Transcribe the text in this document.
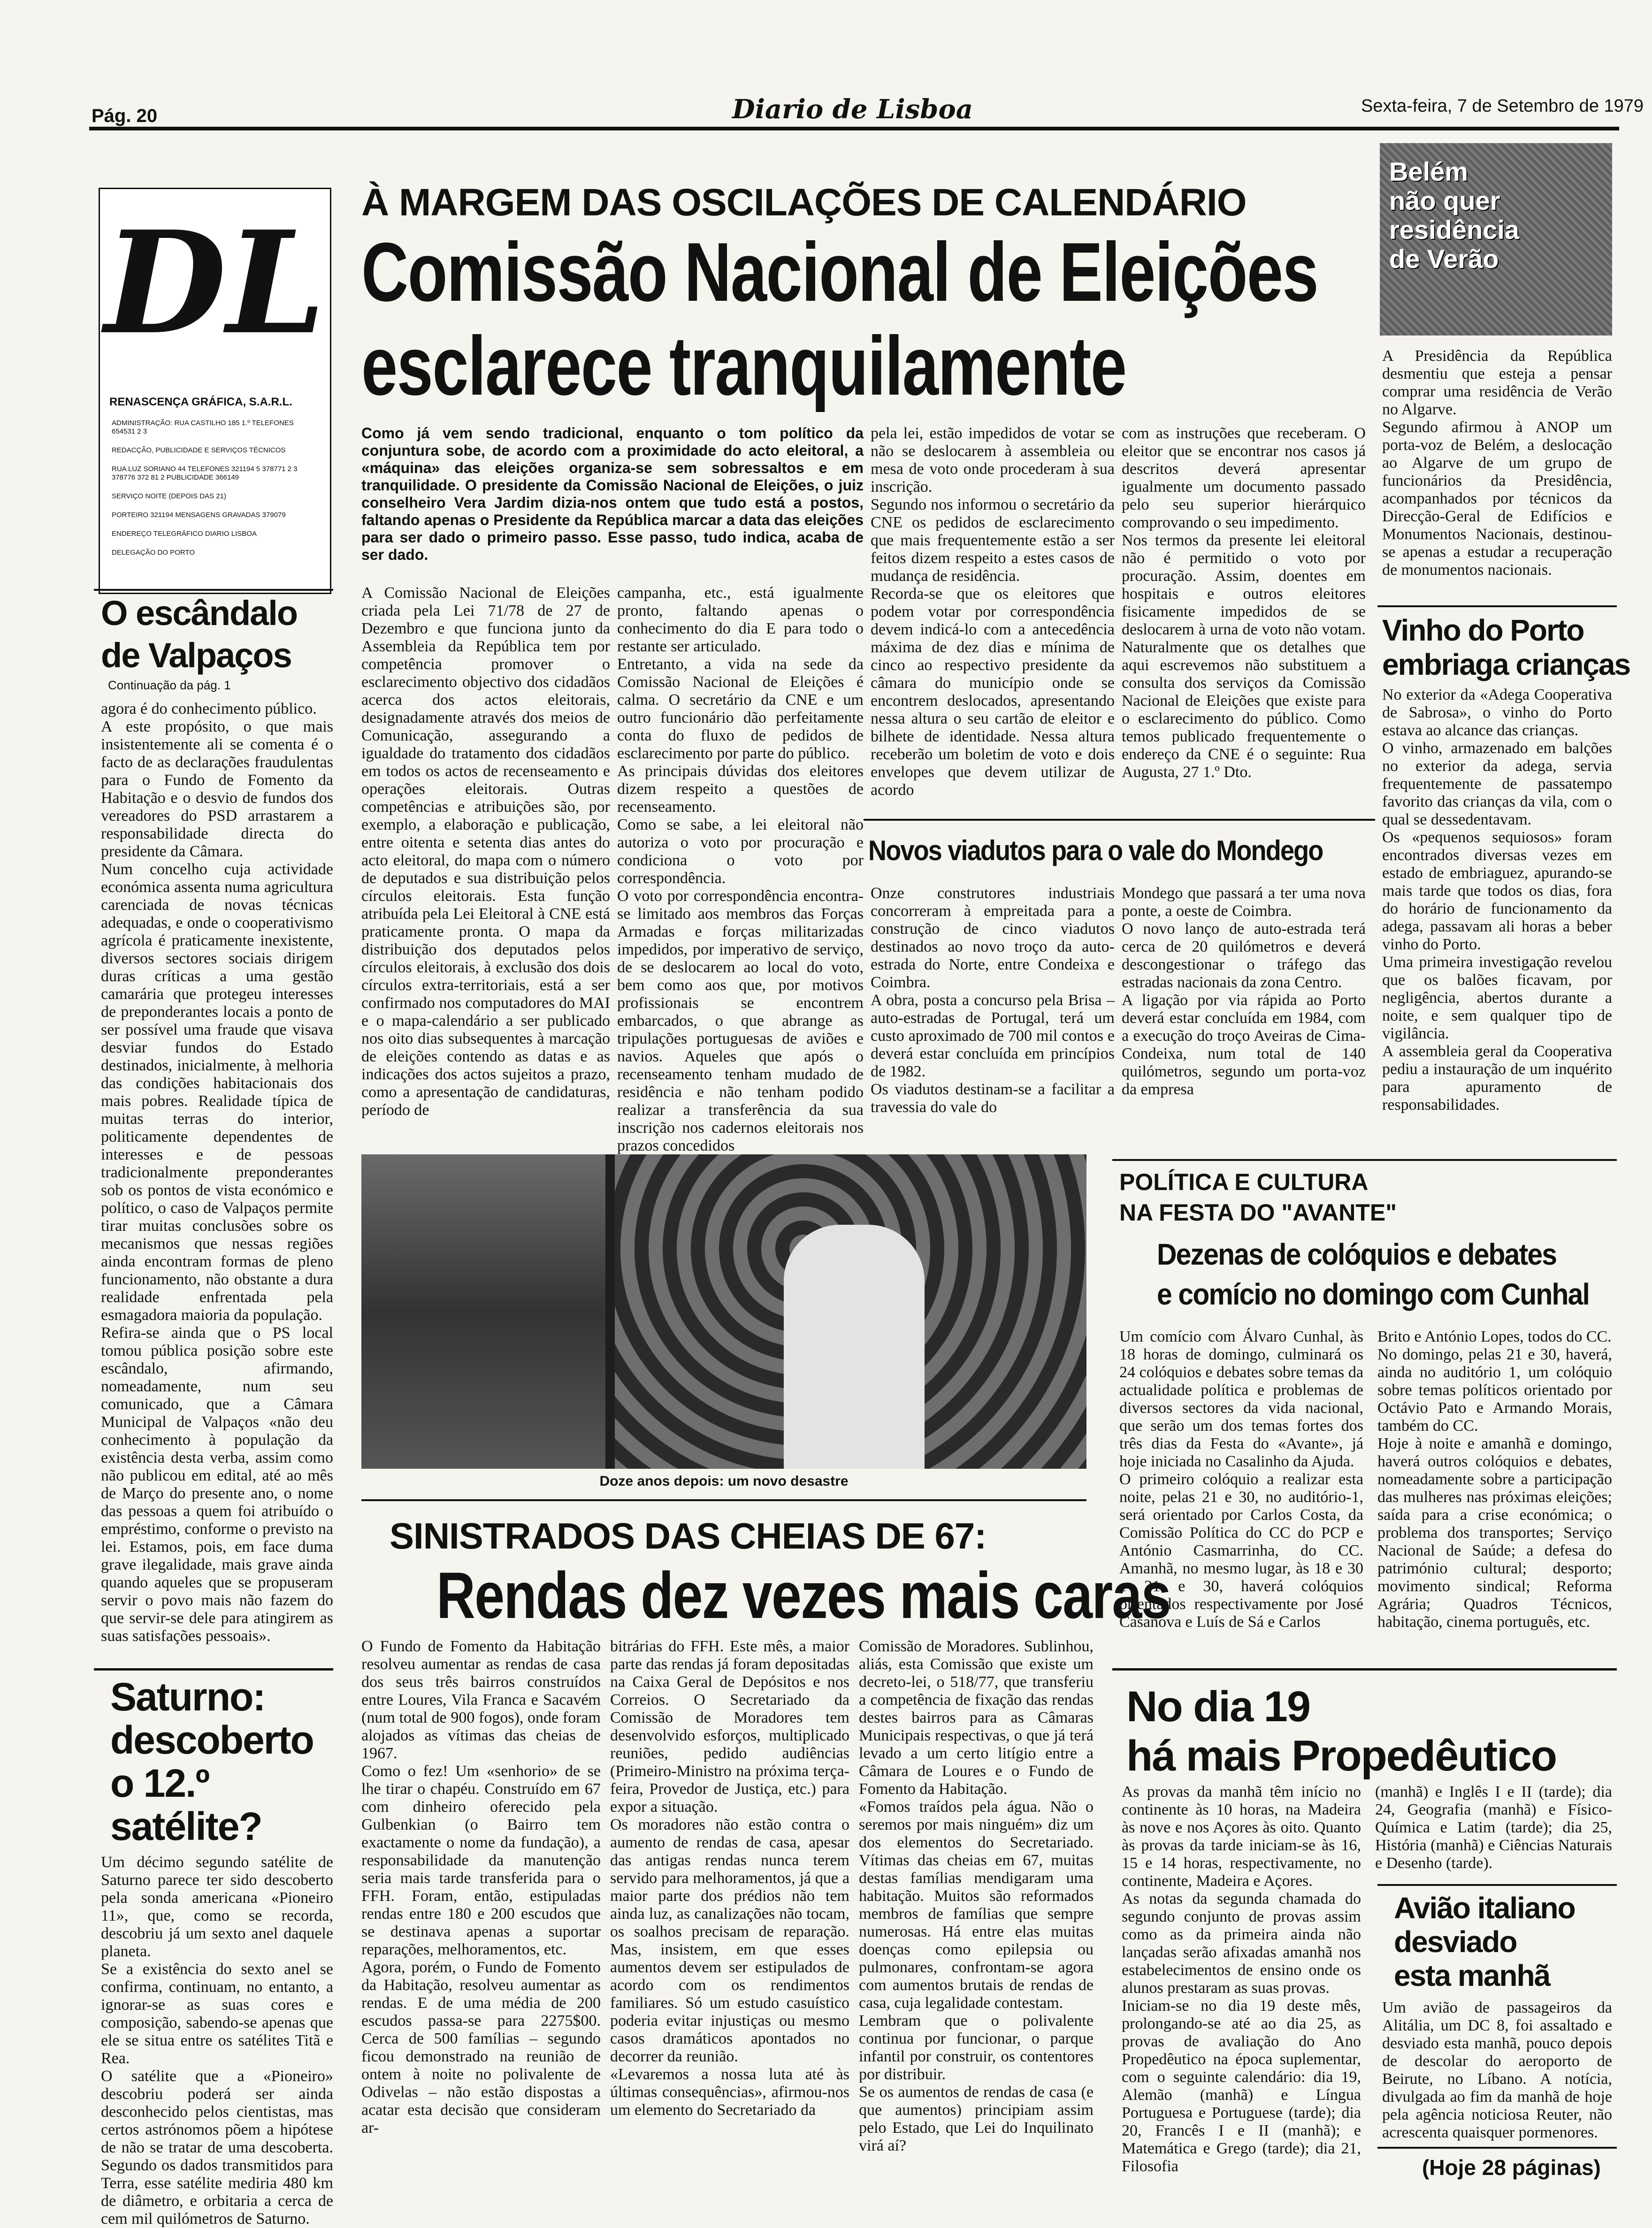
Pág. 20	Diario de Lisboa	Sexta-feira, 7 de Setembro de 1979
DL
RENASCENÇA GRÁFICA, S.A.R.L.
ADMINISTRAÇÃO: RUA CASTILHO 185 1.º TELEFONES 654531 2 3
REDACÇÃO, PUBLICIDADE E SERVIÇOS TÉCNICOS
RUA LUZ SORIANO 44 TELEFONES 321194 5 378771 2 3 378776 372 81 2 PUBLICIDADE 366149
SERVIÇO NOITE (DEPOIS DAS 21)
PORTEIRO 321194 MENSAGENS GRAVADAS 379079
ENDEREÇO TELEGRÁFICO DIARIO LISBOA
DELEGAÇÃO DO PORTO
À MARGEM DAS OSCILAÇÕES DE CALENDÁRIO
Comissão Nacional de Eleições
esclarece tranquilamente
Como já vem sendo tradicional, enquanto o tom político da conjuntura sobe, de acordo com a proximidade do acto eleitoral, a «máquina» das eleições organiza-se sem sobressaltos e em tranquilidade. O presidente da Comissão Nacional de Eleições, o juiz conselheiro Vera Jardim dizia-nos ontem que tudo está a postos, faltando apenas o Presidente da República marcar a data das eleições para ser dado o primeiro passo. Esse passo, tudo indica, acaba de ser dado.
A Comissão Nacional de Eleições criada pela Lei 71/78 de 27 de Dezembro e que funciona junto da Assembleia da República tem por competência promover o esclarecimento objectivo dos cidadãos acerca dos actos eleitorais, designadamente através dos meios de Comunicação, assegurando a igualdade do tratamento dos cidadãos em todos os actos de recenseamento e operações eleitorais. Outras competências e atribuições são, por exemplo, a elaboração e publicação, entre oitenta e setenta dias antes do acto eleitoral, do mapa com o número de deputados e sua distribuição pelos círculos eleitorais. Esta função atribuída pela Lei Eleitoral à CNE está praticamente pronta. O mapa da distribuição dos deputados pelos círculos eleitorais, à exclusão dos dois círculos extra-territoriais, está a ser confirmado nos computadores do MAI e o mapa-calendário a ser publicado nos oito dias subsequentes à marcação de eleições contendo as datas e as indicações dos actos sujeitos a prazo, como a apresentação de candidaturas, período de
campanha, etc., está igualmente pronto, faltando apenas o conhecimento do dia E para todo o restante ser articulado.
Entretanto, a vida na sede da Comissão Nacional de Eleições é calma. O secretário da CNE e um outro funcionário dão perfeitamente conta do fluxo de pedidos de esclarecimento por parte do público.
As principais dúvidas dos eleitores dizem respeito a questões de recenseamento.
Como se sabe, a lei eleitoral não autoriza o voto por procuração e condiciona o voto por correspondência.
O voto por correspondência encontra-se limitado aos membros das Forças Armadas e forças militarizadas impedidos, por imperativo de serviço, de se deslocarem ao local do voto, bem como aos que, por motivos profissionais se encontrem embarcados, o que abrange as tripulações portuguesas de aviões e navios. Aqueles que após o recenseamento tenham mudado de residência e não tenham podido realizar a transferência da sua inscrição nos cadernos eleitorais nos prazos concedidos
pela lei, estão impedidos de votar se não se deslocarem à assembleia ou mesa de voto onde procederam à sua inscrição.
Segundo nos informou o secretário da CNE os pedidos de esclarecimento que mais frequentemente estão a ser feitos dizem respeito a estes casos de mudança de residência.
Recorda-se que os eleitores que podem votar por correspondência devem indicá-lo com a antecedência máxima de dez dias e mínima de cinco ao respectivo presidente da câmara do município onde se encontrem deslocados, apresentando nessa altura o seu cartão de eleitor e bilhete de identidade. Nessa altura receberão um boletim de voto e dois envelopes que devem utilizar de acordo
com as instruções que receberam. O eleitor que se encontrar nos casos já descritos deverá apresentar igualmente um documento passado pelo seu superior hierárquico comprovando o seu impedimento.
Nos termos da presente lei eleitoral não é permitido o voto por procuração. Assim, doentes em hospitais e outros eleitores fisicamente impedidos de se deslocarem à urna de voto não votam. Naturalmente que os detalhes que aqui escrevemos não substituem a consulta dos serviços da Comissão Nacional de Eleições que existe para o esclarecimento do público. Como temos publicado frequentemente o endereço da CNE é o seguinte: Rua Augusta, 27 1.º Dto.
O escândalo
de Valpaços
Continuação da pág. 1
agora é do conhecimento público.
A este propósito, o que mais insistentemente ali se comenta é o facto de as declarações fraudulentas para o Fundo de Fomento da Habitação e o desvio de fundos dos vereadores do PSD arrastarem a responsabilidade directa do presidente da Câmara.
Num concelho cuja actividade económica assenta numa agricultura carenciada de novas técnicas adequadas, e onde o cooperativismo agrícola é praticamente inexistente, diversos sectores sociais dirigem duras críticas a uma gestão camarária que protegeu interesses de preponderantes locais a ponto de ser possível uma fraude que visava desviar fundos do Estado destinados, inicialmente, à melhoria das condições habitacionais dos mais pobres. Realidade típica de muitas terras do interior, politicamente dependentes de interesses e de pessoas tradicionalmente preponderantes sob os pontos de vista económico e político, o caso de Valpaços permite tirar muitas conclusões sobre os mecanismos que nessas regiões ainda encontram formas de pleno funcionamento, não obstante a dura realidade enfrentada pela esmagadora maioria da população.
Refira-se ainda que o PS local tomou pública posição sobre este escândalo, afirmando, nomeadamente, num seu comunicado, que a Câmara Municipal de Valpaços «não deu conhecimento à população da existência desta verba, assim como não publicou em edital, até ao mês de Março do presente ano, o nome das pessoas a quem foi atribuído o empréstimo, conforme o previsto na lei. Estamos, pois, em face duma grave ilegalidade, mais grave ainda quando aqueles que se propuseram servir o povo mais não fazem do que servir-se dele para atingirem as suas satisfações pessoais».
Saturno:
descoberto
o 12.º
satélite?
Um décimo segundo satélite de Saturno parece ter sido descoberto pela sonda americana «Pioneiro 11», que, como se recorda, descobriu já um sexto anel daquele planeta.
Se a existência do sexto anel se confirma, continuam, no entanto, a ignorar-se as suas cores e composição, sabendo-se apenas que ele se situa entre os satélites Titã e Rea.
O satélite que a «Pioneiro» descobriu poderá ser ainda desconhecido pelos cientistas, mas certos astrónomos põem a hipótese de não se tratar de uma descoberta. Segundo os dados transmitidos para Terra, esse satélite mediria 480 km de diâmetro, e orbitaria a cerca de cem mil quilómetros de Saturno.
Belém não quer residência de Verão
A Presidência da República desmentiu que esteja a pensar comprar uma residência de Verão no Algarve.
Segundo afirmou à ANOP um porta-voz de Belém, a deslocação ao Algarve de um grupo de funcionários da Presidência, acompanhados por técnicos da Direcção-Geral de Edifícios e Monumentos Nacionais, destinou-se apenas a estudar a recuperação de monumentos nacionais.
Vinho do Porto
embriaga crianças
No exterior da «Adega Cooperativa de Sabrosa», o vinho do Porto estava ao alcance das crianças.
O vinho, armazenado em balções no exterior da adega, servia frequentemente de passatempo favorito das crianças da vila, com o qual se dessedentavam.
Os «pequenos sequiosos» foram encontrados diversas vezes em estado de embriaguez, apurando-se mais tarde que todos os dias, fora do horário de funcionamento da adega, passavam ali horas a beber vinho do Porto.
Uma primeira investigação revelou que os balões ficavam, por negligência, abertos durante a noite, e sem qualquer tipo de vigilância.
A assembleia geral da Cooperativa pediu a instauração de um inquérito para apuramento de responsabilidades.
Novos viadutos para o vale do Mondego
Onze construtores industriais concorreram à empreitada para a construção de cinco viadutos destinados ao novo troço da auto-estrada do Norte, entre Condeixa e Coimbra.
A obra, posta a concurso pela Brisa – auto-estradas de Portugal, terá um custo aproximado de 700 mil contos e deverá estar concluída em princípios de 1982.
Os viadutos destinam-se a facilitar a travessia do vale do
Mondego que passará a ter uma nova ponte, a oeste de Coimbra.
O novo lanço de auto-estrada terá cerca de 20 quilómetros e deverá descongestionar o tráfego das estradas nacionais da zona Centro.
A ligação por via rápida ao Porto deverá estar concluída em 1984, com a execução do troço Aveiras de Cima-Condeixa, num total de 140 quilómetros, segundo um porta-voz da empresa
Doze anos depois: um novo desastre
SINISTRADOS DAS CHEIAS DE 67:
Rendas dez vezes mais caras
O Fundo de Fomento da Habitação resolveu aumentar as rendas de casa dos seus três bairros construídos entre Loures, Vila Franca e Sacavém (num total de 900 fogos), onde foram alojados as vítimas das cheias de 1967.
Como o fez! Um «senhorio» de se lhe tirar o chapéu. Construído em 67 com dinheiro oferecido pela Gulbenkian (o Bairro tem exactamente o nome da fundação), a responsabilidade da manutenção seria mais tarde transferida para o FFH. Foram, então, estipuladas rendas entre 180 e 200 escudos que se destinava apenas a suportar reparações, melhoramentos, etc.
Agora, porém, o Fundo de Fomento da Habitação, resolveu aumentar as rendas. E de uma média de 200 escudos passa-se para 2275$00. Cerca de 500 famílias – segundo ficou demonstrado na reunião de ontem à noite no polivalente de Odivelas – não estão dispostas a acatar esta decisão que consideram ar-
bitrárias do FFH. Este mês, a maior parte das rendas já foram depositadas na Caixa Geral de Depósitos e nos Correios. O Secretariado da Comissão de Moradores tem desenvolvido esforços, multiplicado reuniões, pedido audiências (Primeiro-Ministro na próxima terça-feira, Provedor de Justiça, etc.) para expor a situação.
Os moradores não estão contra o aumento de rendas de casa, apesar das antigas rendas nunca terem servido para melhoramentos, já que a maior parte dos prédios não tem ainda luz, as canalizações não tocam, os soalhos precisam de reparação. Mas, insistem, em que esses aumentos devem ser estipulados de acordo com os rendimentos familiares. Só um estudo casuístico poderia evitar injustiças ou mesmo casos dramáticos apontados no decorrer da reunião.
«Levaremos a nossa luta até às últimas consequências», afirmou-nos um elemento do Secretariado da
Comissão de Moradores. Sublinhou, aliás, esta Comissão que existe um decreto-lei, o 518/77, que transferiu a competência de fixação das rendas destes bairros para as Câmaras Municipais respectivas, o que já terá levado a um certo litígio entre a Câmara de Loures e o Fundo de Fomento da Habitação.
«Fomos traídos pela água. Não o seremos por mais ninguém» diz um dos elementos do Secretariado. Vítimas das cheias em 67, muitas destas famílias mendigaram uma habitação. Muitos são reformados membros de famílias que sempre numerosas. Há entre elas muitas doenças como epilepsia ou pulmonares, confrontam-se agora com aumentos brutais de rendas de casa, cuja legalidade contestam.
Lembram que o polivalente continua por funcionar, o parque infantil por construir, os contentores por distribuir.
Se os aumentos de rendas de casa (e que aumentos) principiam assim pelo Estado, que Lei do Inquilinato virá aí?
POLÍTICA E CULTURA
NA FESTA DO "AVANTE"
Dezenas de colóquios e debates
e comício no domingo com Cunhal
Um comício com Álvaro Cunhal, às 18 horas de domingo, culminará os 24 colóquios e debates sobre temas da actualidade política e problemas de diversos sectores da vida nacional, que serão um dos temas fortes dos três dias da Festa do «Avante», já hoje iniciada no Casalinho da Ajuda.
O primeiro colóquio a realizar esta noite, pelas 21 e 30, no auditório-1, será orientado por Carlos Costa, da Comissão Política do CC do PCP e António Casmarrinha, do CC. Amanhã, no mesmo lugar, às 18 e 30 e 21 e 30, haverá colóquios orientados respectivamente por José Casanova e Luís de Sá e Carlos
Brito e António Lopes, todos do CC.
No domingo, pelas 21 e 30, haverá, ainda no auditório 1, um colóquio sobre temas políticos orientado por Octávio Pato e Armando Morais, também do CC.
Hoje à noite e amanhã e domingo, haverá outros colóquios e debates, nomeadamente sobre a participação das mulheres nas próximas eleições; saída para a crise económica; o problema dos transportes; Serviço Nacional de Saúde; a defesa do património cultural; desporto; movimento sindical; Reforma Agrária; Quadros Técnicos, habitação, cinema português, etc.
No dia 19
há mais Propedêutico
As provas da manhã têm início no continente às 10 horas, na Madeira às nove e nos Açores às oito. Quanto às provas da tarde iniciam-se às 16, 15 e 14 horas, respectivamente, no continente, Madeira e Açores.
As notas da segunda chamada do segundo conjunto de provas assim como as da primeira ainda não lançadas serão afixadas amanhã nos estabelecimentos de ensino onde os alunos prestaram as suas provas.
Iniciam-se no dia 19 deste mês, prolongando-se até ao dia 25, as provas de avaliação do Ano Propedêutico na época suplementar, com o seguinte calendário: dia 19, Alemão (manhã) e Língua Portuguesa e Portuguese (tarde); dia 20, Francês I e II (manhã); e Matemática e Grego (tarde); dia 21, Filosofia
(manhã) e Inglês I e II (tarde); dia 24, Geografia (manhã) e Físico-Química e Latim (tarde); dia 25, História (manhã) e Ciências Naturais e Desenho (tarde).
Avião italiano
desviado
esta manhã
Um avião de passageiros da Alitália, um DC 8, foi assaltado e desviado esta manhã, pouco depois de descolar do aeroporto de Beirute, no Líbano. A notícia, divulgada ao fim da manhã de hoje pela agência noticiosa Reuter, não acrescenta quaisquer pormenores.
(Hoje 28 páginas)
